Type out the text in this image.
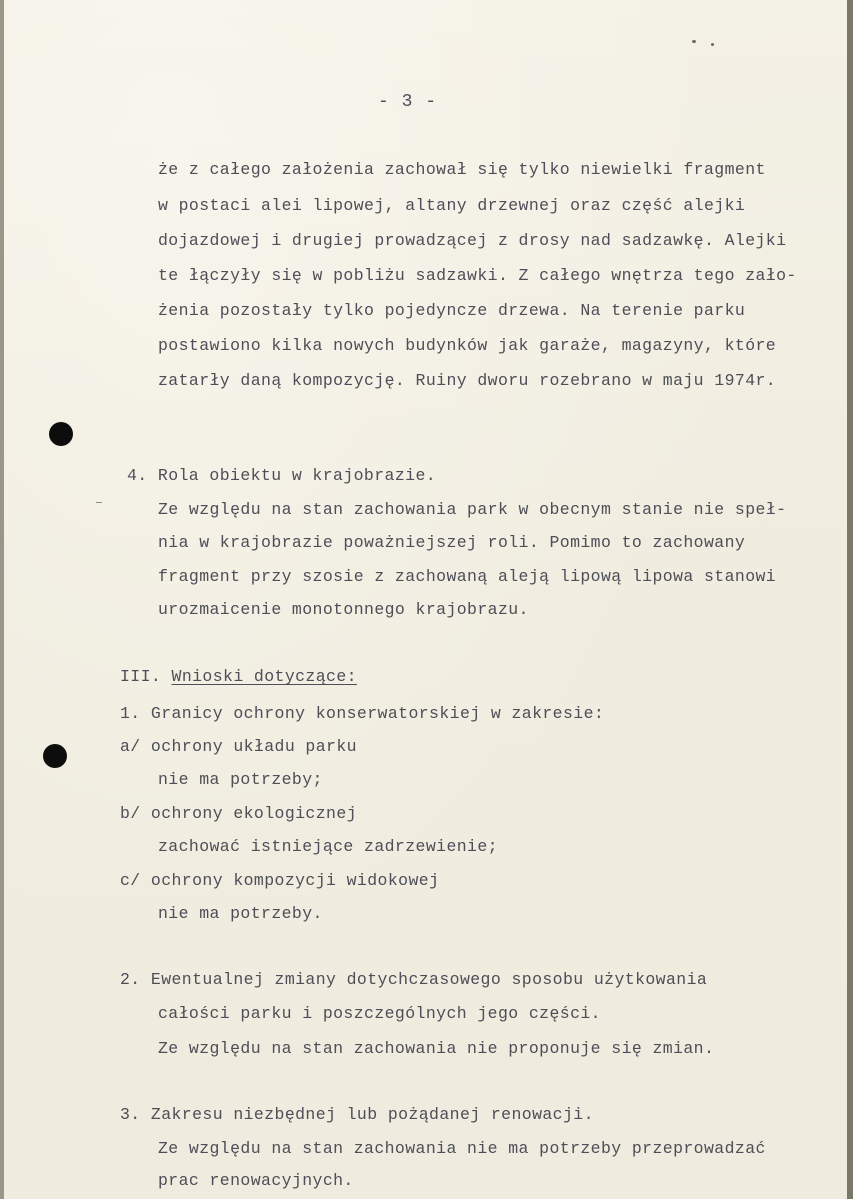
- 3 -
że z całego założenia zachował się tylko niewielki fragment
w postaci alei lipowej, altany drzewnej oraz część alejki
dojazdowej i drugiej prowadzącej z drosy nad sadzawkę. Alejki
te łączyły się w pobliżu sadzawki. Z całego wnętrza tego zało-
żenia pozostały tylko pojedyncze drzewa. Na terenie parku
postawiono kilka nowych budynków jak garaże, magazyny, które
zatarły daną kompozycję. Ruiny dworu rozebrano w maju 1974r.
4. Rola obiektu w krajobrazie.
Ze względu na stan zachowania park w obecnym stanie nie speł-
nia w krajobrazie poważniejszej roli. Pomimo to zachowany
fragment przy szosie z zachowaną aleją lipową lipowa stanowi
urozmaicenie monotonnego krajobrazu.
III. Wnioski dotyczące:
1. Granicy ochrony konserwatorskiej w zakresie:
a/ ochrony układu parku
nie ma potrzeby;
b/ ochrony ekologicznej
zachować istniejące zadrzewienie;
c/ ochrony kompozycji widokowej
nie ma potrzeby.
2. Ewentualnej zmiany dotychczasowego sposobu użytkowania
całości parku i poszczególnych jego części.
Ze względu na stan zachowania nie proponuje się zmian.
3. Zakresu niezbędnej lub pożądanej renowacji.
Ze względu na stan zachowania nie ma potrzeby przeprowadzać
prac renowacyjnych.
